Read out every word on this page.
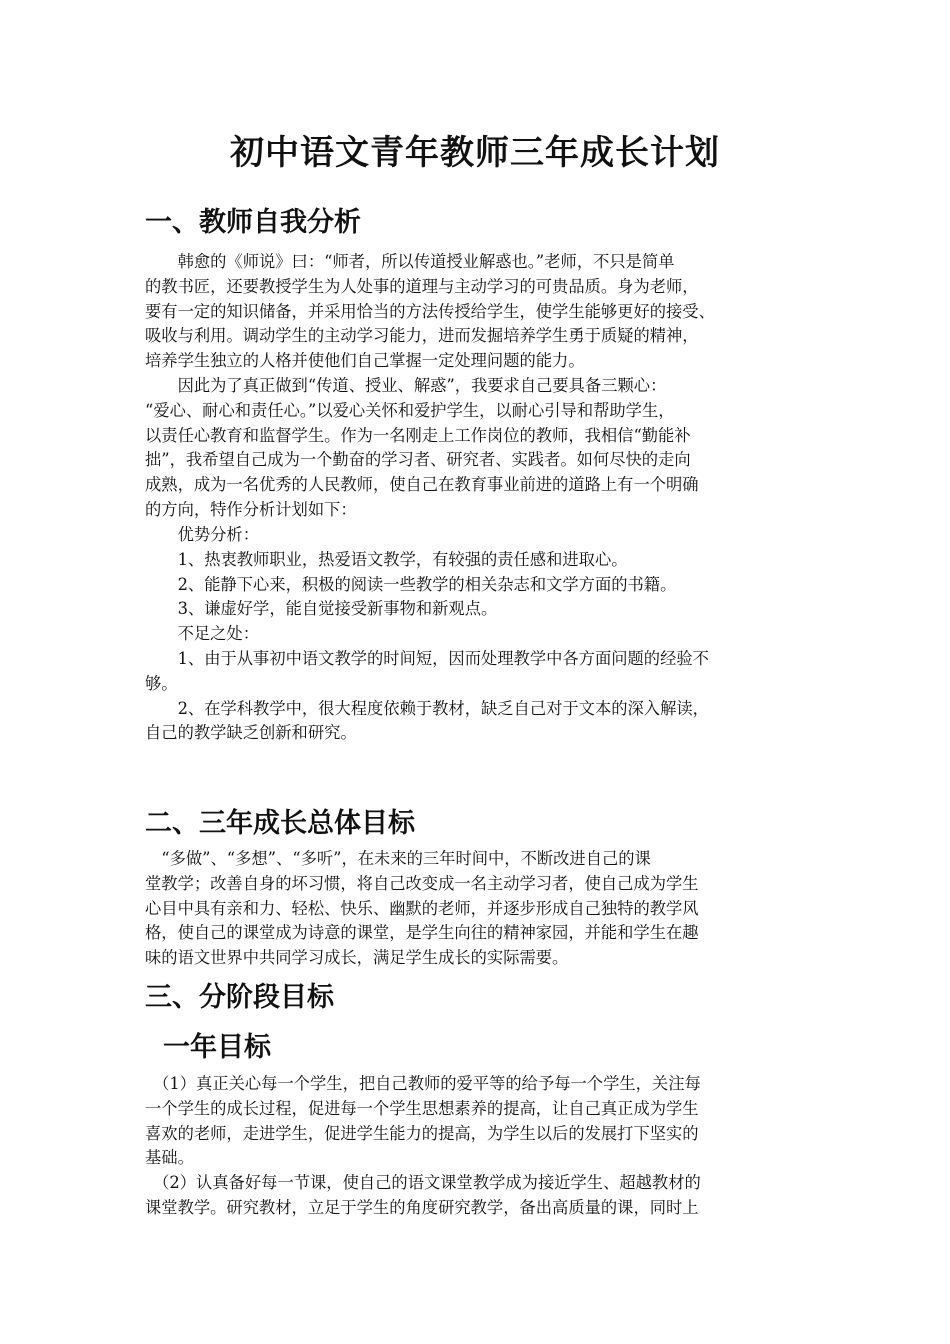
初中语文青年教师三年成长计划
一、教师自我分析
　　韩愈的《师说》曰：“师者，所以传道授业解惑也。”老师，不只是简单
的教书匠，还要教授学生为人处事的道理与主动学习的可贵品质。身为老师，
要有一定的知识储备，并采用恰当的方法传授给学生，使学生能够更好的接受、
吸收与利用。调动学生的主动学习能力，进而发掘培养学生勇于质疑的精神，
培养学生独立的人格并使他们自己掌握一定处理问题的能力。
　　因此为了真正做到“传道、授业、解惑”，我要求自己要具备三颗心：
“爱心、耐心和责任心。”以爱心关怀和爱护学生，以耐心引导和帮助学生，
以责任心教育和监督学生。作为一名刚走上工作岗位的教师，我相信“勤能补
拙”，我希望自己成为一个勤奋的学习者、研究者、实践者。如何尽快的走向
成熟，成为一名优秀的人民教师，使自己在教育事业前进的道路上有一个明确
的方向，特作分析计划如下：
　　优势分析：
　　1、热衷教师职业，热爱语文教学，有较强的责任感和进取心。
　　2、能静下心来，积极的阅读一些教学的相关杂志和文学方面的书籍。
　　3、谦虚好学，能自觉接受新事物和新观点。
　　不足之处：
　　1、由于从事初中语文教学的时间短，因而处理教学中各方面问题的经验不
够。
　　2、在学科教学中，很大程度依赖于教材，缺乏自己对于文本的深入解读，
自己的教学缺乏创新和研究。
二、三年成长总体目标
　“多做”、“多想”、“多听”，在未来的三年时间中，不断改进自己的课
堂教学；改善自身的坏习惯，将自己改变成一名主动学习者，使自己成为学生
心目中具有亲和力、轻松、快乐、幽默的老师，并逐步形成自己独特的教学风
格，使自己的课堂成为诗意的课堂，是学生向往的精神家园，并能和学生在趣
味的语文世界中共同学习成长，满足学生成长的实际需要。
三、分阶段目标
一年目标
　（1）真正关心每一个学生，把自己教师的爱平等的给予每一个学生，关注每
一个学生的成长过程，促进每一个学生思想素养的提高，让自己真正成为学生
喜欢的老师，走进学生，促进学生能力的提高，为学生以后的发展打下坚实的
基础。
　（2）认真备好每一节课，使自己的语文课堂教学成为接近学生、超越教材的
课堂教学。研究教材，立足于学生的角度研究教学，备出高质量的课，同时上
